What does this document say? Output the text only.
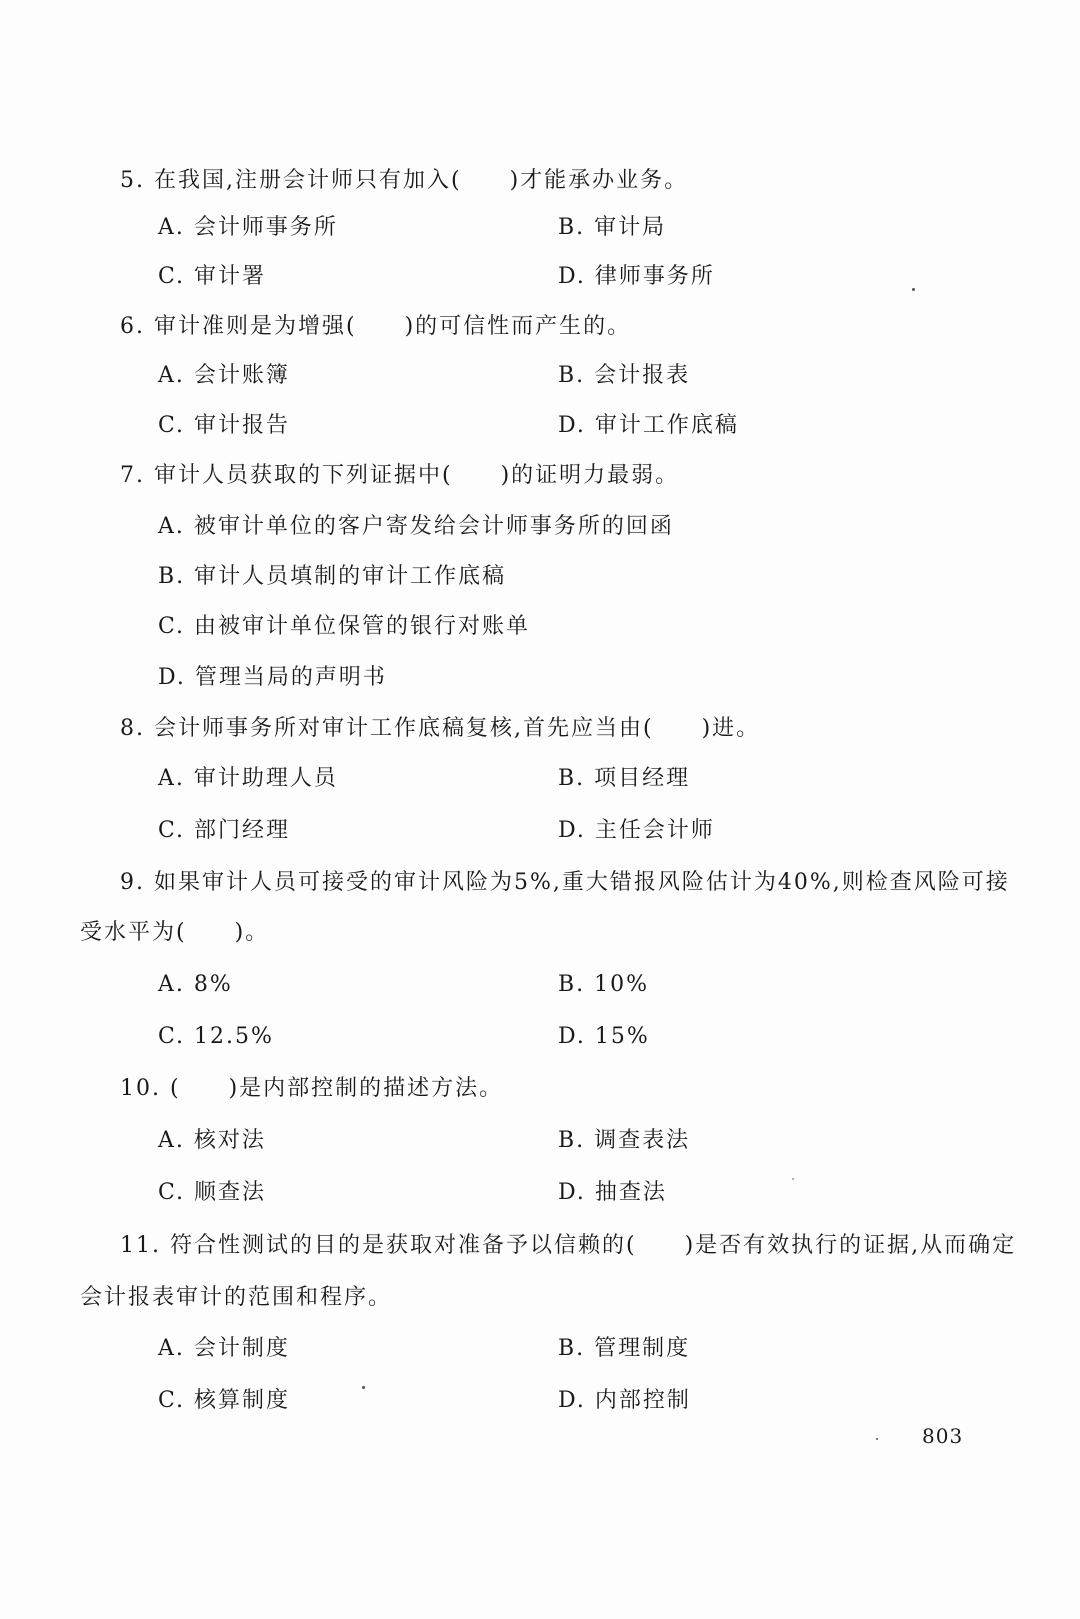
5. 在我国,注册会计师只有加入(　　)才能承办业务。
A. 会计师事务所	B. 审计局
C. 审计署	D. 律师事务所
6. 审计准则是为增强(　　)的可信性而产生的。
A. 会计账簿	B. 会计报表
C. 审计报告	D. 审计工作底稿
7. 审计人员获取的下列证据中(　　)的证明力最弱。
A. 被审计单位的客户寄发给会计师事务所的回函
B. 审计人员填制的审计工作底稿
C. 由被审计单位保管的银行对账单
D. 管理当局的声明书
8. 会计师事务所对审计工作底稿复核,首先应当由(　　)进。
A. 审计助理人员	B. 项目经理
C. 部门经理	D. 主任会计师
9. 如果审计人员可接受的审计风险为5%,重大错报风险估计为40%,则检查风险可接
受水平为(　　)。
A. 8%	B. 10%
C. 12.5%	D. 15%
10. (　　)是内部控制的描述方法。
A. 核对法	B. 调查表法
C. 顺查法	D. 抽查法
11. 符合性测试的目的是获取对准备予以信赖的(　　)是否有效执行的证据,从而确定
会计报表审计的范围和程序。
A. 会计制度	B. 管理制度
C. 核算制度	D. 内部控制
803
